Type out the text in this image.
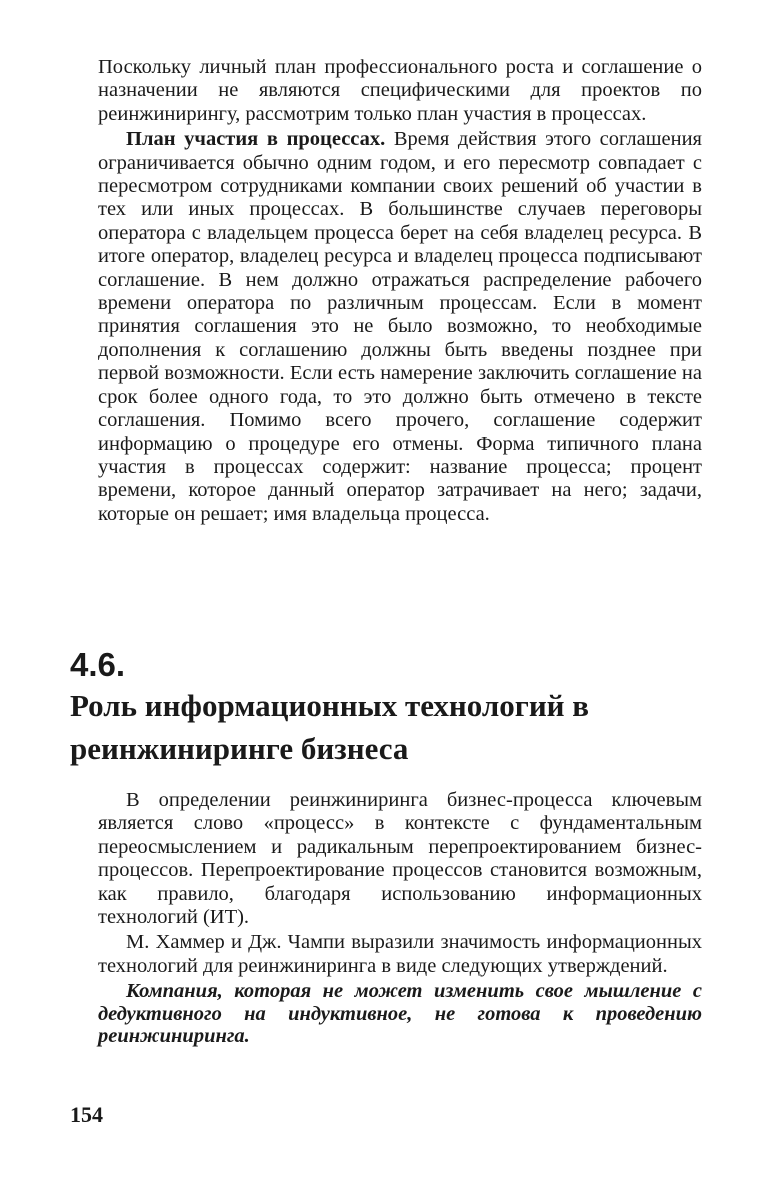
Поскольку личный план профессионального роста и соглашение о назначении не являются специфическими для проектов по реинжинирингу, рассмотрим только план участия в процессах.

План участия в процессах. Время действия этого соглашения ограничивается обычно одним годом, и его пересмотр совпадает с пересмотром сотрудниками компании своих решений об участии в тех или иных процессах. В большинстве случаев переговоры оператора с владельцем процесса берет на себя владелец ресурса. В итоге оператор, владелец ресурса и владелец процесса подписывают соглашение. В нем должно отражаться распределение рабочего времени оператора по различным процессам. Если в момент принятия соглашения это не было возможно, то необходимые дополнения к соглашению должны быть введены позднее при первой возможности. Если есть намерение заключить соглашение на срок более одного года, то это должно быть отмечено в тексте соглашения. Помимо всего прочего, соглашение содержит информацию о процедуре его отмены. Форма типичного плана участия в процессах содержит: название процесса; процент времени, которое данный оператор затрачивает на него; задачи, которые он решает; имя владельца процесса.

4.6.
Роль информационных технологий в реинжиниринге бизнеса

В определении реинжиниринга бизнес-процесса ключевым является слово «процесс» в контексте с фундаментальным переосмыслением и радикальным перепроектированием бизнес-процессов. Перепроектирование процессов становится возможным, как правило, благодаря использованию информационных технологий (ИТ).

М. Хаммер и Дж. Чампи выразили значимость информационных технологий для реинжиниринга в виде следующих утверждений.

Компания, которая не может изменить свое мышление с дедуктивного на индуктивное, не готова к проведению реинжиниринга.

154
